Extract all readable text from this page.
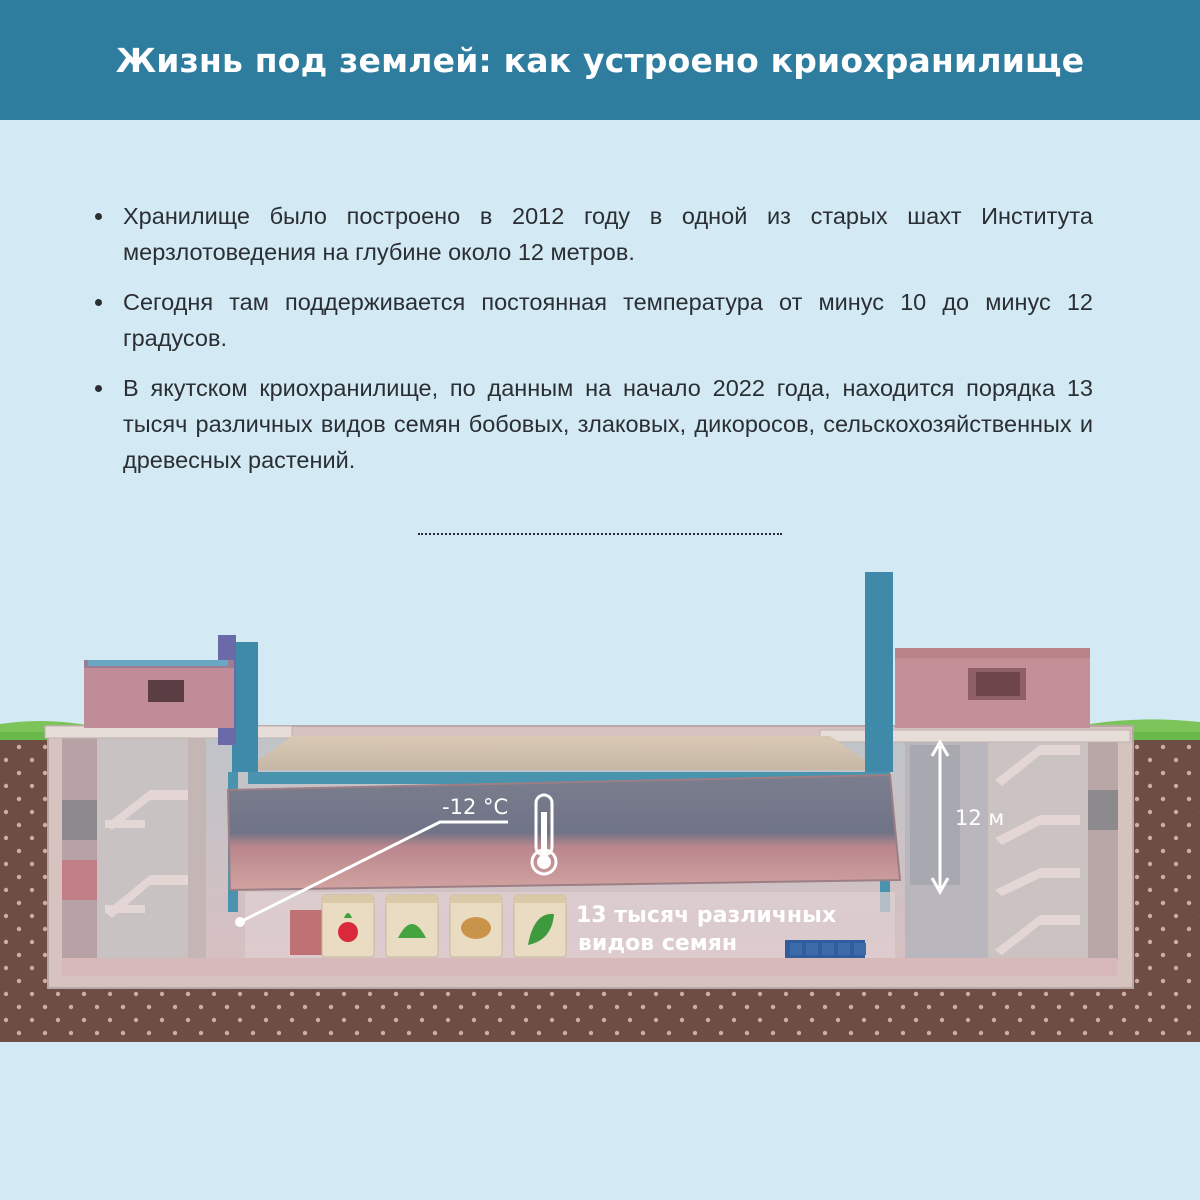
Жизнь под землей: как устроено криохранилище
Хранилище было построено в 2012 году в одной из старых шахт Института мерзлотоведения на глубине около 12 метров.
Сегодня там поддерживается постоянная температура от минус 10 до минус 12 градусов.
В якутском криохранилище, по данным на начало 2022 года, находится порядка 13 тысяч различных видов семян бобовых, злаковых, дикоросов, сельскохозяйственных и древесных растений.
-12 °C	12 м
13 тысяч различных
видов семян
